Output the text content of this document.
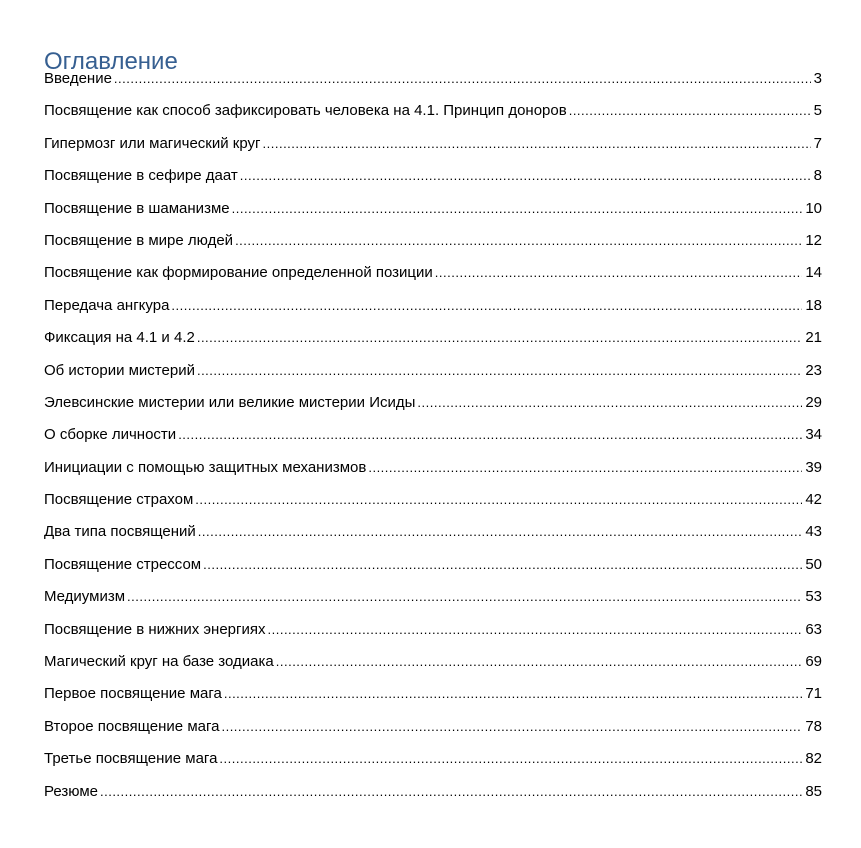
Оглавление
Введение .....	3
Посвящение как способ зафиксировать человека на 4.1. Принцип доноров .....	5
Гипермозг или магический круг .....	7
Посвящение в сефире даат .....	8
Посвящение в шаманизме .....	10
Посвящение в мире людей .....	12
Посвящение как формирование определенной позиции .....	14
Передача ангкура .....	18
Фиксация на 4.1 и 4.2 .....	21
Об истории мистерий .....	23
Элевсинские мистерии или великие мистерии Исиды .....	29
О сборке личности .....	34
Инициации с помощью защитных механизмов .....	39
Посвящение страхом .....	42
Два типа посвящений .....	43
Посвящение стрессом .....	50
Медиумизм .....	53
Посвящение в нижних энергиях .....	63
Магический круг на базе зодиака .....	69
Первое посвящение мага .....	71
Второе посвящение мага .....	78
Третье посвящение мага .....	82
Резюме .....	85
